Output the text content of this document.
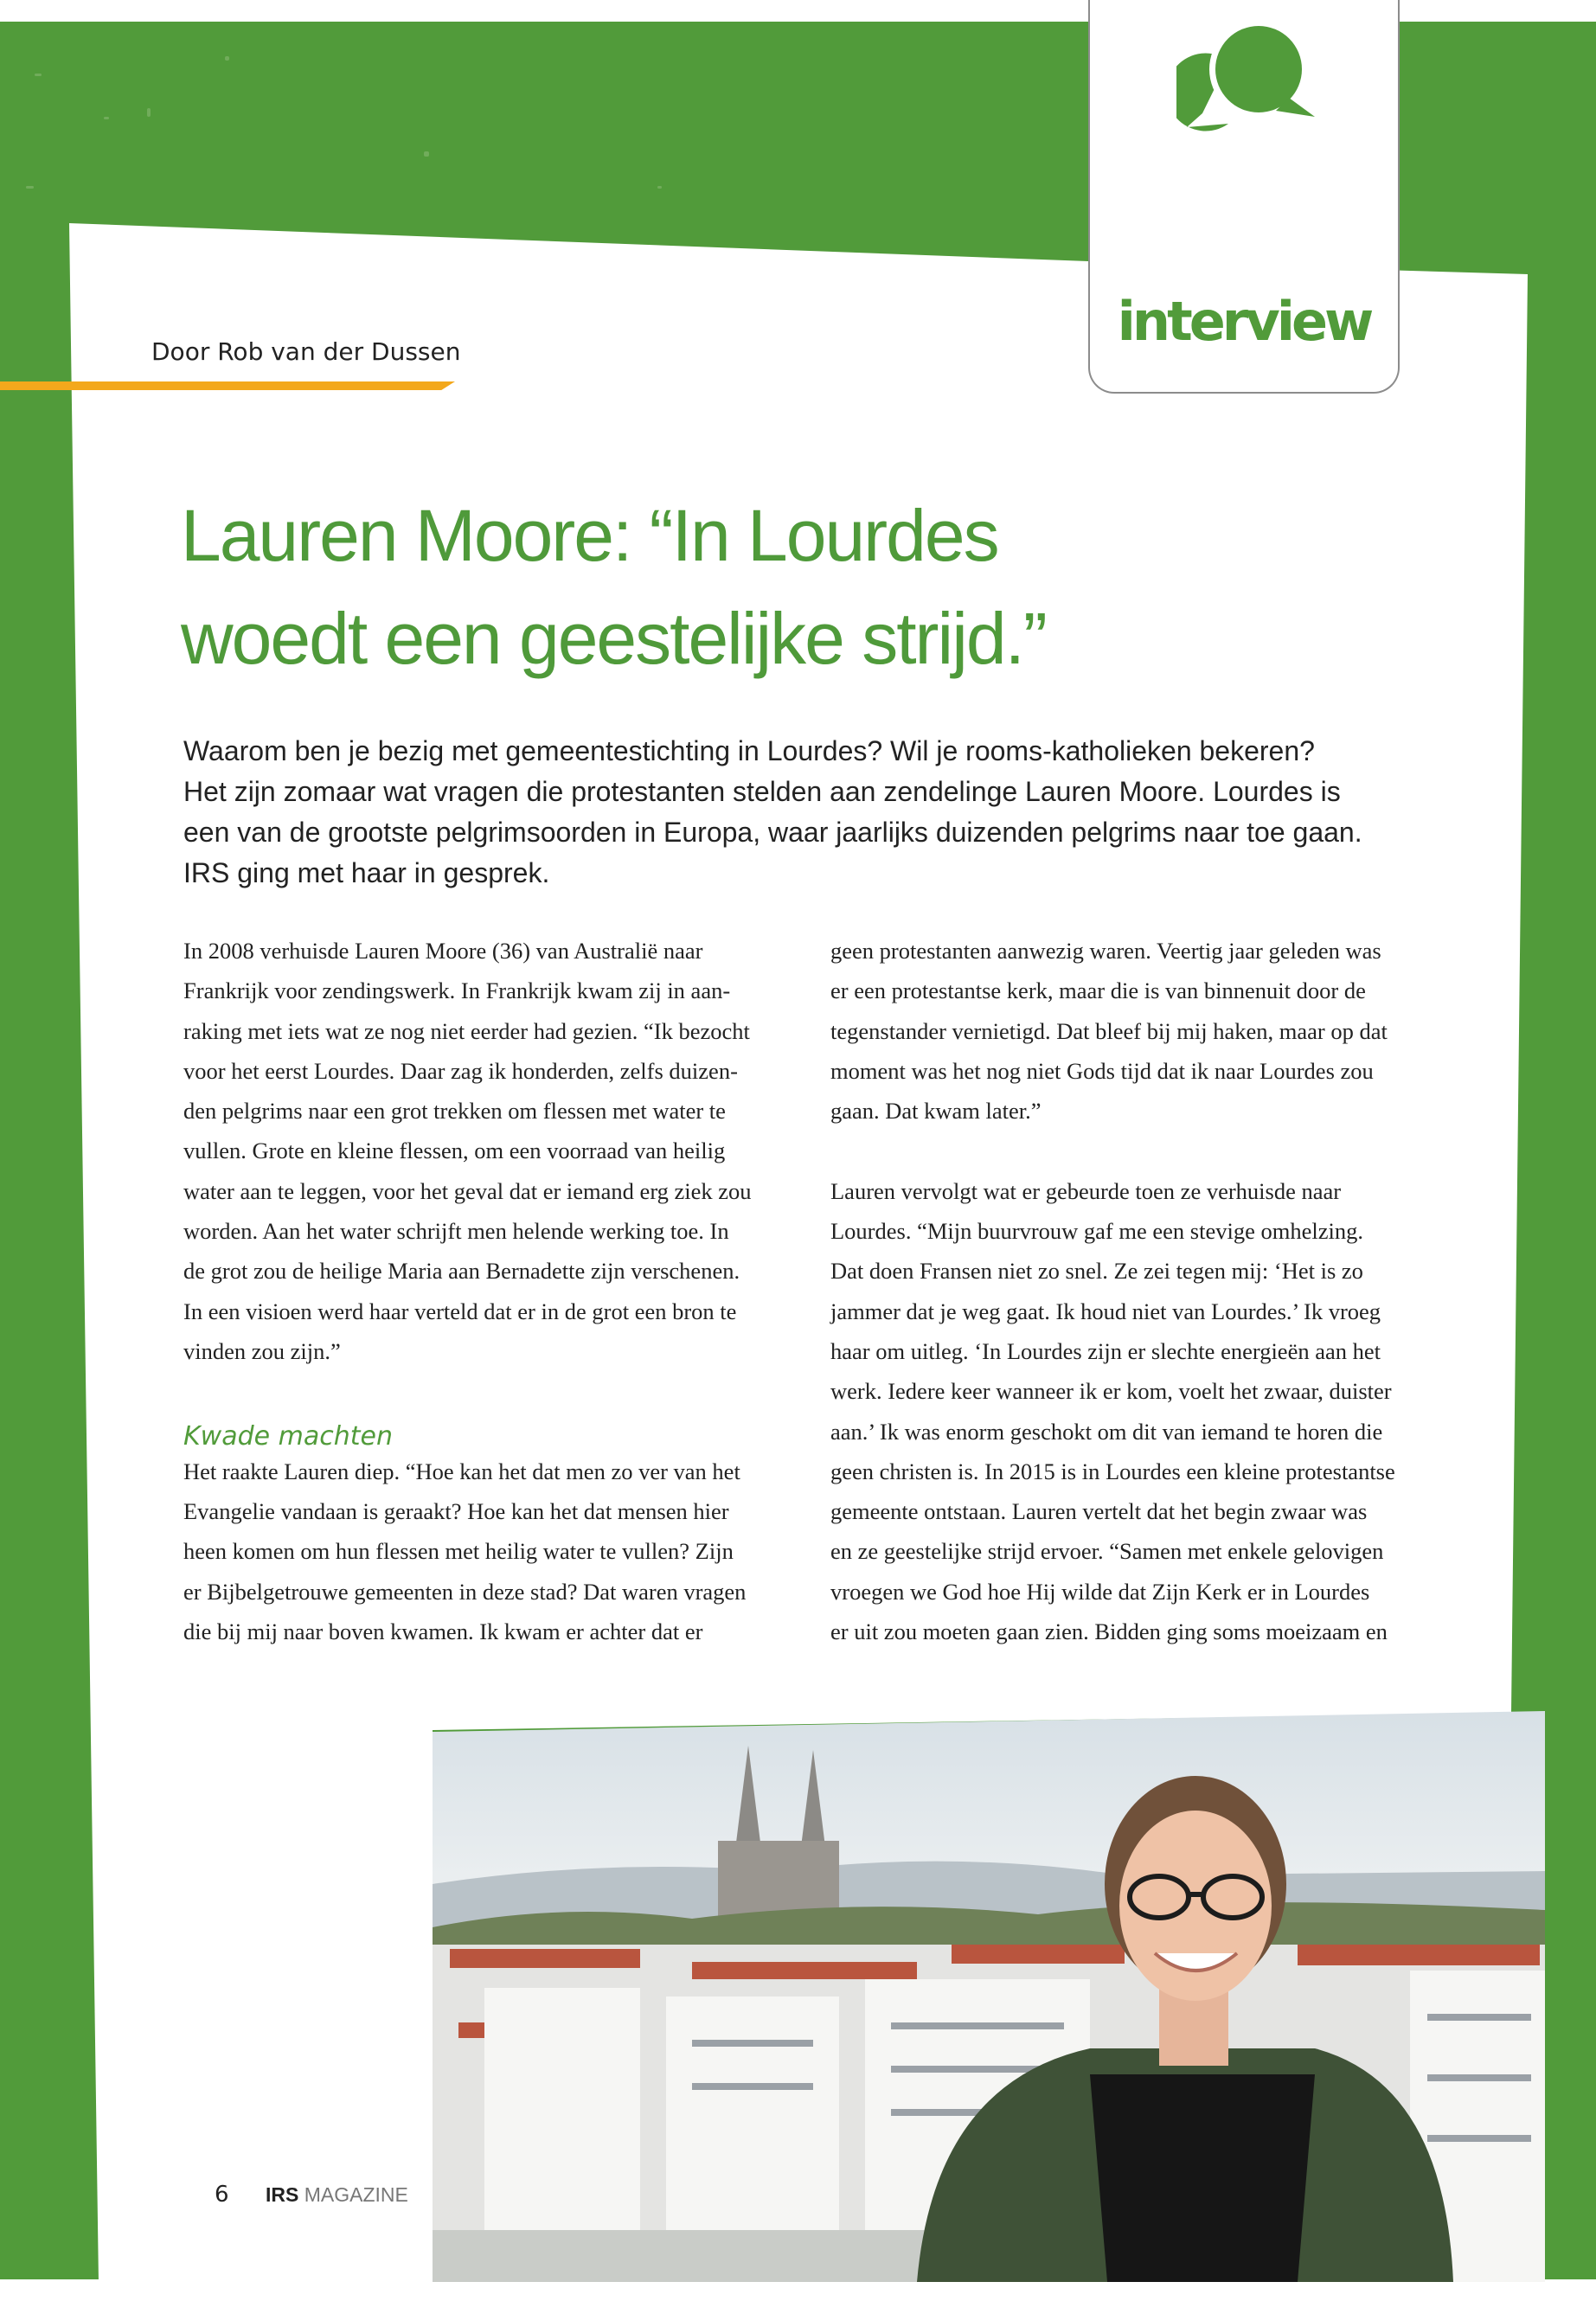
interview
Door Rob van der Dussen
Lauren Moore: “In Lourdes
woedt een geestelijke strijd.”
Waarom ben je bezig met gemeentestichting in Lourdes? Wil je rooms-katholieken bekeren?
Het zijn zomaar wat vragen die protestanten stelden aan zendelinge Lauren Moore. Lourdes is
een van de grootste pelgrimsoorden in Europa, waar jaarlijks duizenden pelgrims naar toe gaan.
IRS ging met haar in gesprek.
In 2008 verhuisde Lauren Moore (36) van Australië naar
Frankrijk voor zendingswerk. In Frankrijk kwam zij in aan-
raking met iets wat ze nog niet eerder had gezien. “Ik bezocht
voor het eerst Lourdes. Daar zag ik honderden, zelfs duizen-
den pelgrims naar een grot trekken om flessen met water te
vullen. Grote en kleine flessen, om een voorraad van heilig
water aan te leggen, voor het geval dat er iemand erg ziek zou
worden. Aan het water schrijft men helende werking toe. In
de grot zou de heilige Maria aan Bernadette zijn verschenen.
In een visioen werd haar verteld dat er in de grot een bron te
vinden zou zijn.”
Kwade machten
Het raakte Lauren diep. “Hoe kan het dat men zo ver van het
Evangelie vandaan is geraakt? Hoe kan het dat mensen hier
heen komen om hun flessen met heilig water te vullen? Zijn
er Bijbelgetrouwe gemeenten in deze stad? Dat waren vragen
die bij mij naar boven kwamen. Ik kwam er achter dat er
geen protestanten aanwezig waren. Veertig jaar geleden was
er een protestantse kerk, maar die is van binnenuit door de
tegenstander vernietigd. Dat bleef bij mij haken, maar op dat
moment was het nog niet Gods tijd dat ik naar Lourdes zou
gaan. Dat kwam later.”
Lauren vervolgt wat er gebeurde toen ze verhuisde naar
Lourdes. “Mijn buurvrouw gaf me een stevige omhelzing.
Dat doen Fransen niet zo snel. Ze zei tegen mij: ‘Het is zo
jammer dat je weg gaat. Ik houd niet van Lourdes.’ Ik vroeg
haar om uitleg. ‘In Lourdes zijn er slechte energieën aan het
werk. Iedere keer wanneer ik er kom, voelt het zwaar, duister
aan.’ Ik was enorm geschokt om dit van iemand te horen die
geen christen is. In 2015 is in Lourdes een kleine protestantse
gemeente ontstaan. Lauren vertelt dat het begin zwaar was
en ze geestelijke strijd ervoer. “Samen met enkele gelovigen
vroegen we God hoe Hij wilde dat Zijn Kerk er in Lourdes
er uit zou moeten gaan zien. Bidden ging soms moeizaam en
6 IRS MAGAZINE
